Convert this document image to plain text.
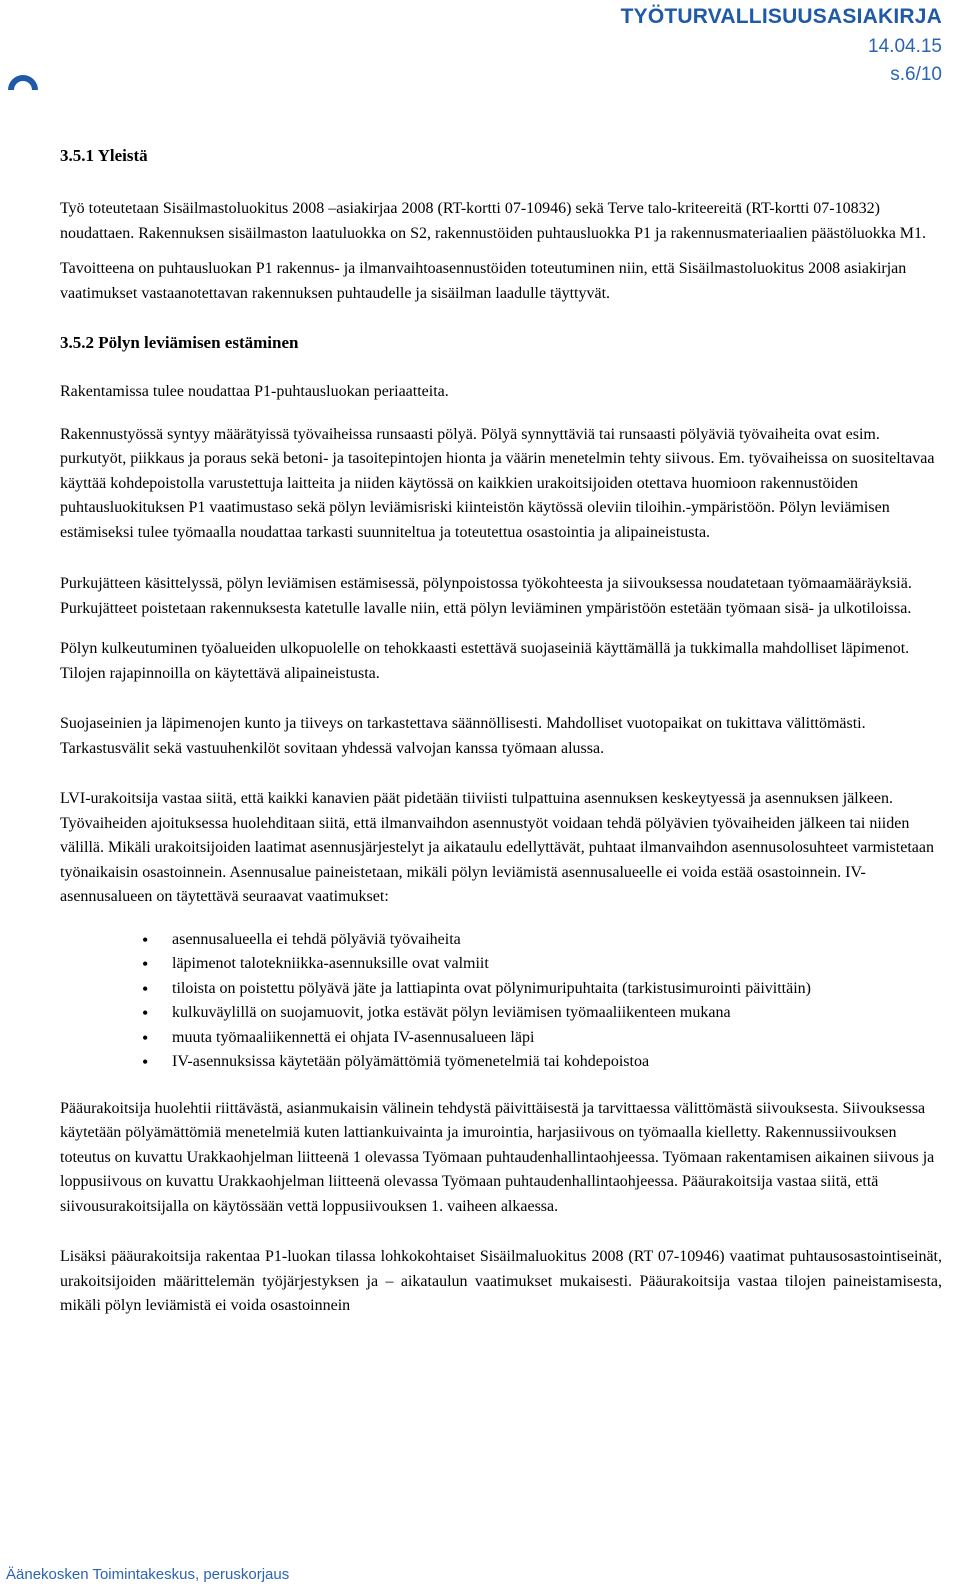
TYÖTURVALLISUUSASIAKIRJA
14.04.15
s.6/10
3.5.1 Yleistä

Työ toteutetaan Sisäilmastoluokitus 2008 –asiakirjaa 2008 (RT-kortti 07-10946) sekä Terve talo-kriteereitä (RT-kortti 07-10832) noudattaen. Rakennuksen sisäilmaston laatuluokka on S2, rakennustöiden puhtausluokka P1 ja rakennusmateriaalien päästöluokka M1.

Tavoitteena on puhtausluokan P1 rakennus- ja ilmanvaihtoasennustöiden toteutuminen niin, että Sisäilmastoluokitus 2008 asiakirjan vaatimukset vastaanotettavan rakennuksen puhtaudelle ja sisäilman laadulle täyttyvät.

3.5.2 Pölyn leviämisen estäminen

Rakentamissa tulee noudattaa P1-puhtausluokan periaatteita.

Rakennustyössä syntyy määrätyissä työvaiheissa runsaasti pölyä. Pölyä synnyttäviä tai runsaasti pölyäviä työvaiheita ovat esim. purkutyöt, piikkaus ja poraus sekä betoni- ja tasoitepintojen hionta ja väärin menetelmin tehty siivous. Em. työvaiheissa on suositeltavaa käyttää kohdepoistolla varustettuja laitteita ja niiden käytössä on kaikkien urakoitsijoiden otettava huomioon rakennustöiden puhtausluokituksen P1 vaatimustaso sekä pölyn leviämisriski kiinteistön käytössä oleviin tiloihin.-ympäristöön. Pölyn leviämisen estämiseksi tulee työmaalla noudattaa tarkasti suunniteltua ja toteutettua osastointia ja alipaineistusta.

Purkujätteen käsittelyssä, pölyn leviämisen estämisessä, pölynpoistossa työkohteesta ja siivouksessa noudatetaan työmaamääräyksiä. Purkujätteet poistetaan rakennuksesta katetulle lavalle niin, että pölyn leviäminen ympäristöön estetään työmaan sisä- ja ulkotiloissa.

Pölyn kulkeutuminen työalueiden ulkopuolelle on tehokkaasti estettävä suojaseiniä käyttämällä ja tukkimalla mahdolliset läpimenot. Tilojen rajapinnoilla on käytettävä alipaineistusta.

Suojaseinien ja läpimenojen kunto ja tiiveys on tarkastettava säännöllisesti. Mahdolliset vuotopaikat on tukittava välittömästi. Tarkastusvälit sekä vastuuhenkilöt sovitaan yhdessä valvojan kanssa työmaan alussa.

LVI-urakoitsija vastaa siitä, että kaikki kanavien päät pidetään tiiviisti tulpattuina asennuksen keskeytyessä ja asennuksen jälkeen. Työvaiheiden ajoituksessa huolehditaan siitä, että ilmanvaihdon asennustyöt voidaan tehdä pölyävien työvaiheiden jälkeen tai niiden välillä. Mikäli urakoitsijoiden laatimat asennusjärjestelyt ja aikataulu edellyttävät, puhtaat ilmanvaihdon asennusolosuhteet varmistetaan työnaikaisin osastoinnein. Asennusalue paineistetaan, mikäli pölyn leviämistä asennusalueelle ei voida estää osastoinnein. IV-asennusalueen on täytettävä seuraavat vaatimukset:

• asennusalueella ei tehdä pölyäviä työvaiheita
• läpimenot talotekniikka-asennuksille ovat valmiit
• tiloista on poistettu pölyävä jäte ja lattiapinta ovat pölynimuripuhtaita (tarkistusimurointi päivittäin)
• kulkuväylillä on suojamuovit, jotka estävät pölyn leviämisen työmaaliikenteen mukana
• muuta työmaaliikennettä ei ohjata IV-asennusalueen läpi
• IV-asennuksissa käytetään pölyämättömiä työmenetelmiä tai kohdepoistoa

Pääurakoitsija huolehtii riittävästä, asianmukaisin välinein tehdystä päivittäisestä ja tarvittaessa välittömästä siivouksesta. Siivouksessa käytetään pölyämättömiä menetelmiä kuten lattiankuivainta ja imurointia, harjasiivous on työmaalla kielletty. Rakennussiivouksen toteutus on kuvattu Urakkaohjelman liitteenä 1 olevassa Työmaan puhtaudenhallintaohjeessa. Työmaan rakentamisen aikainen siivous ja loppusiivous on kuvattu Urakkaohjelman liitteenä olevassa Työmaan puhtaudenhallintaohjeessa. Pääurakoitsija vastaa siitä, että siivousurakoitsijalla on käytössään vettä loppusiivouksen 1. vaiheen alkaessa.

Lisäksi pääurakoitsija rakentaa P1-luokan tilassa lohkokohtaiset Sisäilmaluokitus 2008 (RT 07-10946) vaatimat puhtausosastointiseinät, urakoitsijoiden määrittelemän työjärjestyksen ja – aikataulun vaatimukset mukaisesti. Pääurakoitsija vastaa tilojen paineistamisesta, mikäli pölyn leviämistä ei voida osastoinnein

Äänekosken Toimintakeskus, peruskorjaus
